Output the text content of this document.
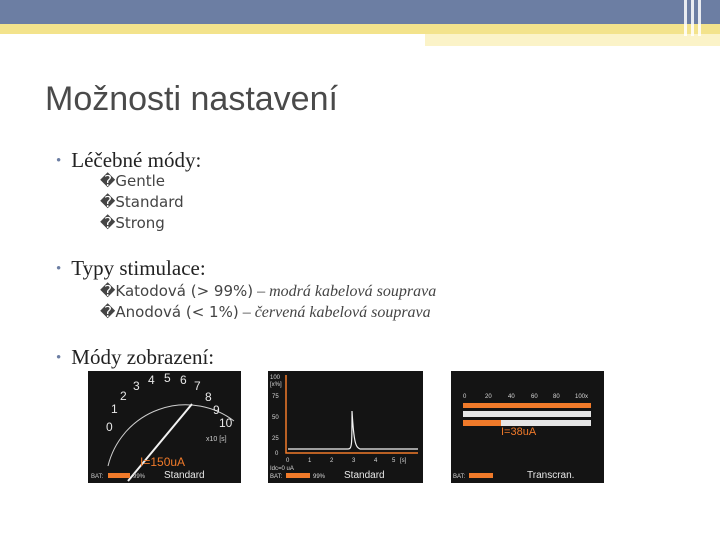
Možnosti nastavení
• Léčebné módy:
�Gentle
�Standard
�Strong
• Typy stimulace:
�Katodová (> 99%) – modrá kabelová souprava
�Anodová (< 1%) – červená kabelová souprava
• Módy zobrazení:
0
1
2
3 4 5 6 7
8
9
10
x10 [s]
I=150uA
BAT:	99% Standard
100
[x%]
75
50
25
0
0	1	2	3	4 5 [s]
Idc=0 uA
BAT:	99% Standard
0	20	40	60	80	100x
BAT:
I=38uA
Transcran.
